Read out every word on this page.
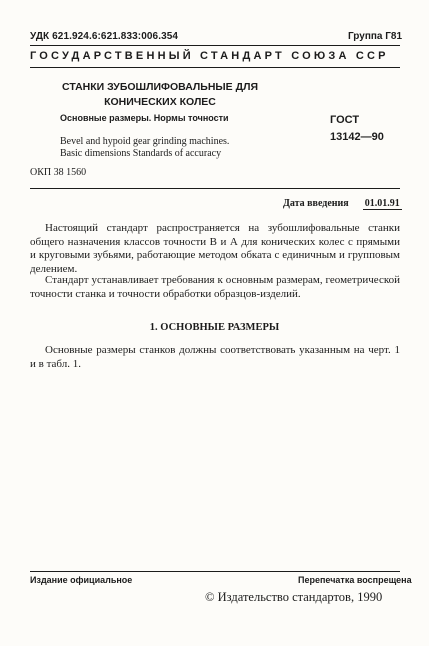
УДК 621.924.6:621.833:006.354	Группа Г81
ГОСУДАРСТВЕННЫЙ СТАНДАРТ СОЮЗА ССР
СТАНКИ ЗУБОШЛИФОВАЛЬНЫЕ ДЛЯ
КОНИЧЕСКИХ КОЛЕС
Основные размеры. Нормы точности	ГОСТ
13142—90
Bevel and hypoid gear grinding machines.
Basic dimensions Standards of accuracy
ОКП 38 1560
Дата введения 01.01.91
Настоящий стандарт распространяется на зубошлифовальные станки общего назначения классов точности В и А для конических колес с прямыми и круговыми зубьями, работающие методом обката с единичным и групповым делением.
Стандарт устанавливает требования к основным размерам, геометрической точности станка и точности обработки образцов-изделий.
1. ОСНОВНЫЕ РАЗМЕРЫ
Основные размеры станков должны соответствовать указанным на черт. 1 и в табл. 1.
Издание официальное	Перепечатка воспрещена
© Издательство стандартов, 1990
